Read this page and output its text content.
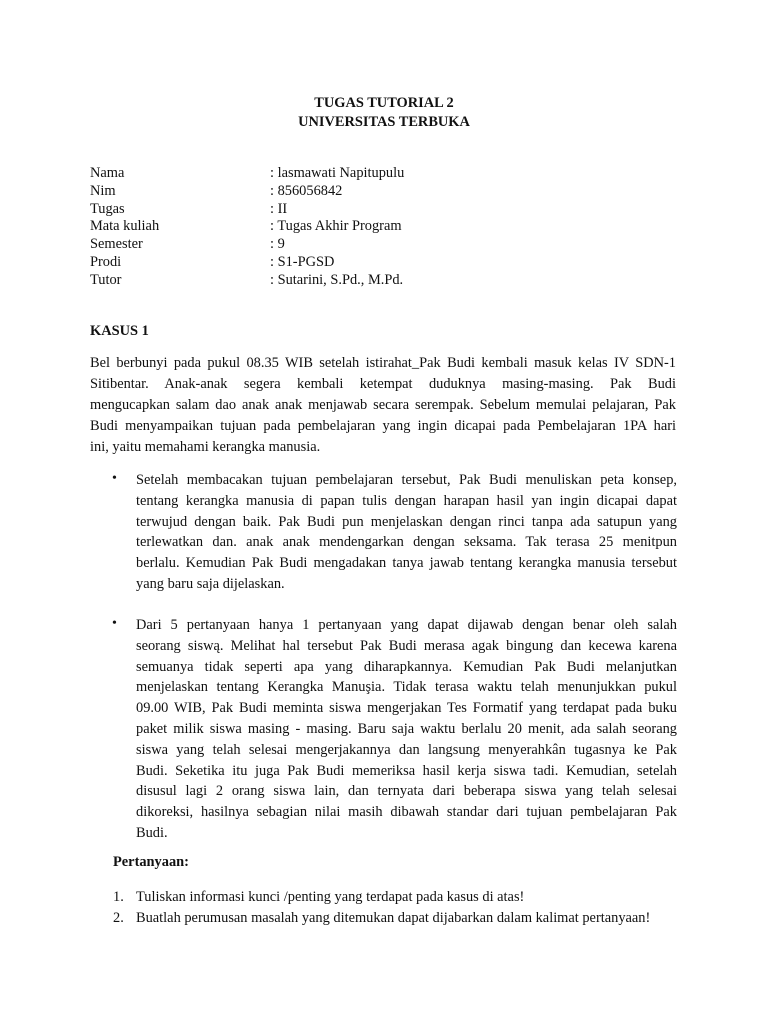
TUGAS TUTORIAL 2
UNIVERSITAS TERBUKA
Nama	: lasmawati Napitupulu
Nim	: 856056842
Tugas	: II
Mata kuliah	: Tugas Akhir Program
Semester	: 9
Prodi	: S1-PGSD
Tutor	: Sutarini, S.Pd., M.Pd.
KASUS 1
Bel berbunyi pada pukul 08.35 WIB setelah istirahat_Pak Budi kembali masuk kelas IV SDN-1
Sitibentar. Anak-anak segera kembali ketempat duduknya masing-masing. Pak Budi
mengucapkan salam dao anak anak menjawab secara serempak. Sebelum memulai pelajaran, Pak
Budi menyampaikan tujuan pada pembelajaran yang ingin dicapai pada Pembelajaran 1PA hari
ini, yaitu memahami kerangka manusia.
• Setelah membacakan tujuan pembelajaran tersebut, Pak Budi menuliskan peta konsep,
tentang kerangka manusia di papan tulis dengan harapan hasil yan ingin dicapai dapat
terwujud dengan baik. Pak Budi pun menjelaskan dengan rinci tanpa ada satupun yang
terlewatkan dan. anak anak mendengarkan dengan seksama. Tak terasa 25 menitpun
berlalu. Kemudian Pak Budi mengadakan tanya jawab tentang kerangka manusia tersebut
yang baru saja dijelaskan.
• Dari 5 pertanyaan hanya 1 pertanyaan yang dapat dijawab dengan benar oleh salah
seorang siswą. Melihat hal tersebut Pak Budi merasa agak bingung dan kecewa karena
semuanya tidak seperti apa yang diharapkannya. Kemudian Pak Budi melanjutkan
menjelaskan tentang Kerangka Manuşia. Tidak terasa waktu telah menunjukkan pukul
09.00 WIB, Pak Budi meminta siswa mengerjakan Tes Formatif yang terdapat pada buku
paket milik siswa masing - masing. Baru saja waktu berlalu 20 menit, ada salah seorang
siswa yang telah selesai mengerjakannya dan langsung menyerahkân tugasnya ke Pak
Budi. Seketika itu juga Pak Budi memeriksa hasil kerja siswa tadi. Kemudian, setelah
disusul lagi 2 orang siswa lain, dan ternyata dari beberapa siswa yang telah selesai
dikoreksi, hasilnya sebagian nilai masih dibawah standar dari tujuan pembelajaran Pak
Budi.
Pertanyaan:
1. Tuliskan informasi kunci /penting yang terdapat pada kasus di atas!
2. Buatlah perumusan masalah yang ditemukan dapat dijabarkan dalam kalimat pertanyaan!
